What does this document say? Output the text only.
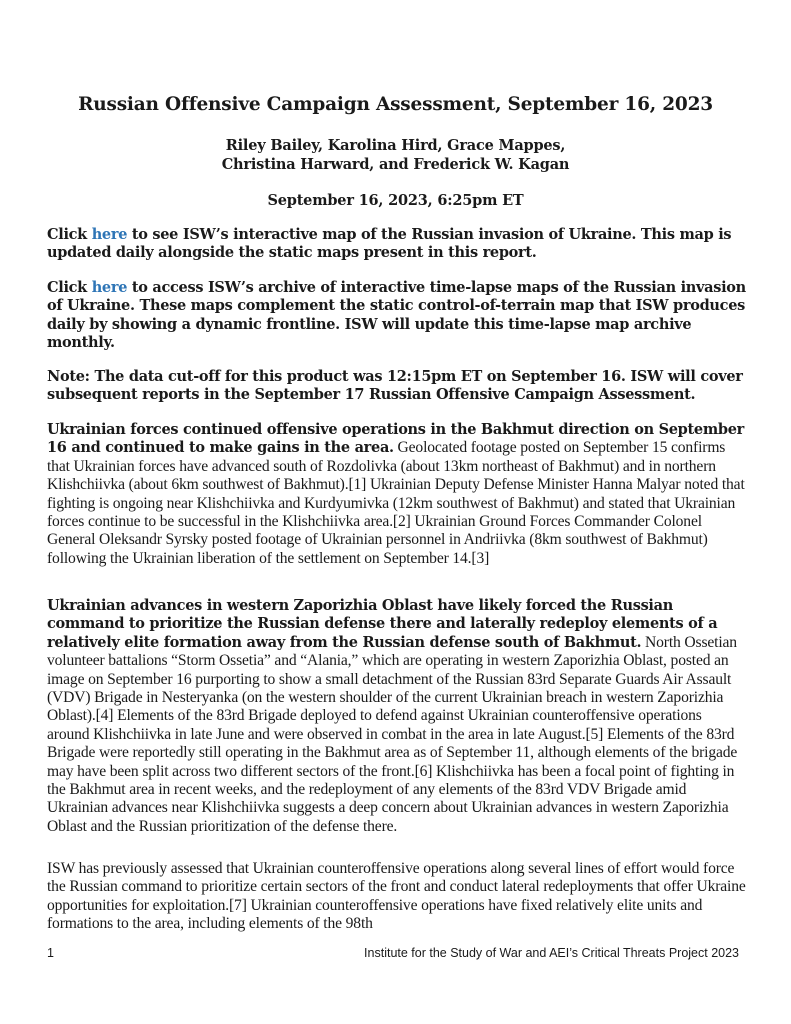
Russian Offensive Campaign Assessment, September 16, 2023
Riley Bailey, Karolina Hird, Grace Mappes,
Christina Harward, and Frederick W. Kagan
September 16, 2023, 6:25pm ET
Click here to see ISW’s interactive map of the Russian invasion of Ukraine. This map is updated daily alongside the static maps present in this report.
Click here to access ISW’s archive of interactive time-lapse maps of the Russian invasion of Ukraine. These maps complement the static control-of-terrain map that ISW produces daily by showing a dynamic frontline. ISW will update this time-lapse map archive monthly.
Note: The data cut-off for this product was 12:15pm ET on September 16. ISW will cover subsequent reports in the September 17 Russian Offensive Campaign Assessment.
Ukrainian forces continued offensive operations in the Bakhmut direction on September 16 and continued to make gains in the area. Geolocated footage posted on September 15 confirms that Ukrainian forces have advanced south of Rozdolivka (about 13km northeast of Bakhmut) and in northern Klishchiivka (about 6km southwest of Bakhmut).[1] Ukrainian Deputy Defense Minister Hanna Malyar noted that fighting is ongoing near Klishchiivka and Kurdyumivka (12km southwest of Bakhmut) and stated that Ukrainian forces continue to be successful in the Klishchiivka area.[2] Ukrainian Ground Forces Commander Colonel General Oleksandr Syrsky posted footage of Ukrainian personnel in Andriivka (8km southwest of Bakhmut) following the Ukrainian liberation of the settlement on September 14.[3]
Ukrainian advances in western Zaporizhia Oblast have likely forced the Russian command to prioritize the Russian defense there and laterally redeploy elements of a relatively elite formation away from the Russian defense south of Bakhmut. North Ossetian volunteer battalions “Storm Ossetia” and “Alania,” which are operating in western Zaporizhia Oblast, posted an image on September 16 purporting to show a small detachment of the Russian 83rd Separate Guards Air Assault (VDV) Brigade in Nesteryanka (on the western shoulder of the current Ukrainian breach in western Zaporizhia Oblast).[4] Elements of the 83rd Brigade deployed to defend against Ukrainian counteroffensive operations around Klishchiivka in late June and were observed in combat in the area in late August.[5] Elements of the 83rd Brigade were reportedly still operating in the Bakhmut area as of September 11, although elements of the brigade may have been split across two different sectors of the front.[6] Klishchiivka has been a focal point of fighting in the Bakhmut area in recent weeks, and the redeployment of any elements of the 83rd VDV Brigade amid Ukrainian advances near Klishchiivka suggests a deep concern about Ukrainian advances in western Zaporizhia Oblast and the Russian prioritization of the defense there.
ISW has previously assessed that Ukrainian counteroffensive operations along several lines of effort would force the Russian command to prioritize certain sectors of the front and conduct lateral redeployments that offer Ukraine opportunities for exploitation.[7] Ukrainian counteroffensive operations have fixed relatively elite units and formations to the area, including elements of the 98th
1	Institute for the Study of War and AEI’s Critical Threats Project 2023
